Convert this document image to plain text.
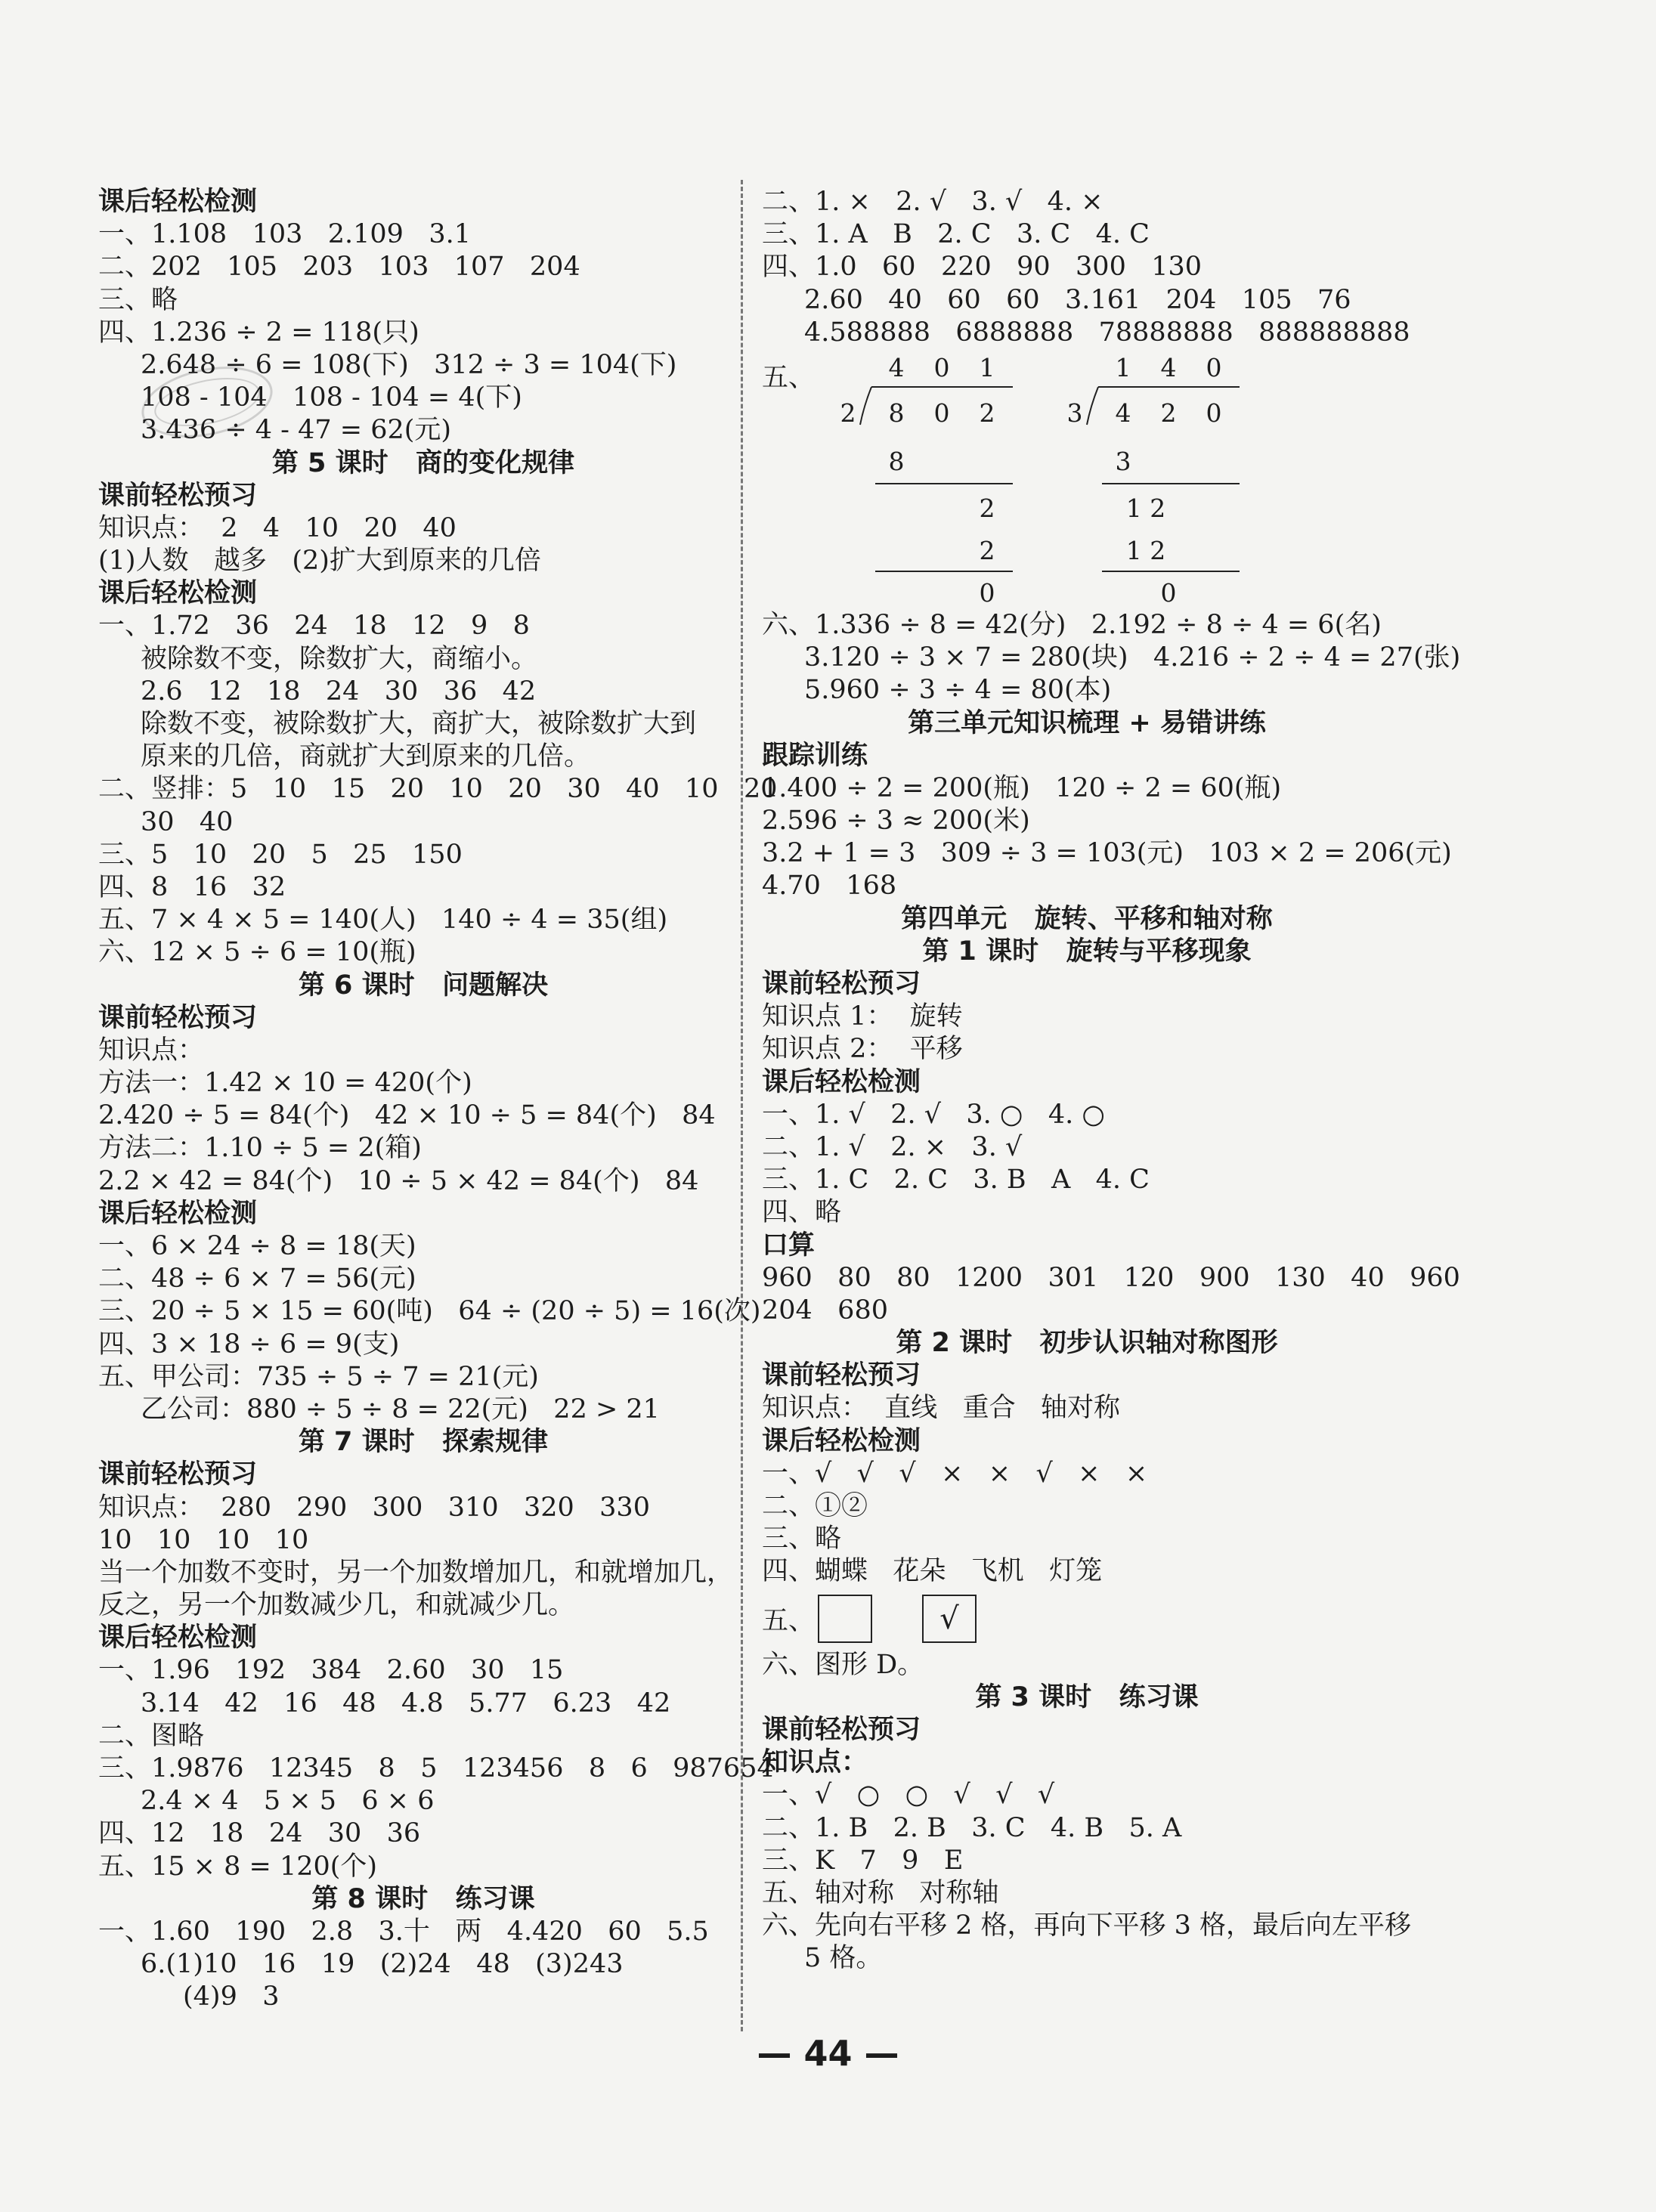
课后轻松检测
一、1.108   103   2.109   3.1
二、202   105   203   103   107   204
三、略
四、1.236 ÷ 2 = 118(只)
2.648 ÷ 6 = 108(下)   312 ÷ 3 = 104(下)
108 - 104   108 - 104 = 4(下)
3.436 ÷ 4 - 47 = 62(元)
第 5 课时   商的变化规律
课前轻松预习
知识点：  2   4   10   20   40
(1)人数   越多   (2)扩大到原来的几倍
课后轻松检测
一、1.72   36   24   18   12   9   8
被除数不变，除数扩大，商缩小。
2.6   12   18   24   30   36   42
除数不变，被除数扩大，商扩大，被除数扩大到
原来的几倍，商就扩大到原来的几倍。
二、竖排：5   10   15   20   10   20   30   40   10   20
30   40
三、5   10   20   5   25   150
四、8   16   32
五、7 × 4 × 5 = 140(人)   140 ÷ 4 = 35(组)
六、12 × 5 ÷ 6 = 10(瓶)
第 6 课时   问题解决
课前轻松预习
知识点：
方法一：1.42 × 10 = 420(个)
2.420 ÷ 5 = 84(个)   42 × 10 ÷ 5 = 84(个)   84
方法二：1.10 ÷ 5 = 2(箱)
2.2 × 42 = 84(个)   10 ÷ 5 × 42 = 84(个)   84
课后轻松检测
一、6 × 24 ÷ 8 = 18(天)
二、48 ÷ 6 × 7 = 56(元)
三、20 ÷ 5 × 15 = 60(吨)   64 ÷ (20 ÷ 5) = 16(次)
四、3 × 18 ÷ 6 = 9(支)
五、甲公司：735 ÷ 5 ÷ 7 = 21(元)
乙公司：880 ÷ 5 ÷ 8 = 22(元)   22 > 21
第 7 课时   探索规律
课前轻松预习
知识点：  280   290   300   310   320   330
10   10   10   10
当一个加数不变时，另一个加数增加几，和就增加几，
反之，另一个加数减少几，和就减少几。
课后轻松检测
一、1.96   192   384   2.60   30   15
3.14   42   16   48   4.8   5.77   6.23   42
二、图略
三、1.9876   12345   8   5   123456   8   6   987654
2.4 × 4   5 × 5   6 × 6
四、12   18   24   30   36
五、15 × 8 = 120(个)
第 8 课时   练习课
一、1.60   190   2.8   3.十   两   4.420   60   5.5
6.(1)10   16   19   (2)24   48   (3)243
(4)9   3
二、1. ×   2. √   3. √   4. ×
三、1. A   B   2. C   3. C   4. C
四、1.0   60   220   90   300   130
2.60   40   60   60   3.161   204   105   76
4.588888   6888888   78888888   888888888
五、	4 0 1
2 8 0 2
8
2
2
0
1 4 0
3 4 2 0
3
1 2
1 2
0
六、1.336 ÷ 8 = 42(分)   2.192 ÷ 8 ÷ 4 = 6(名)
3.120 ÷ 3 × 7 = 280(块)   4.216 ÷ 2 ÷ 4 = 27(张)
5.960 ÷ 3 ÷ 4 = 80(本)
第三单元知识梳理 + 易错讲练
跟踪训练
1.400 ÷ 2 = 200(瓶)   120 ÷ 2 = 60(瓶)
2.596 ÷ 3 ≈ 200(米)
3.2 + 1 = 3   309 ÷ 3 = 103(元)   103 × 2 = 206(元)
4.70   168
第四单元   旋转、平移和轴对称
第 1 课时   旋转与平移现象
课前轻松预习
知识点 1：  旋转
知识点 2：  平移
课后轻松检测
一、1. √   2. √   3. ○   4. ○
二、1. √   2. ×   3. √
三、1. C   2. C   3. B   A   4. C
四、略
口算
960   80   80   1200   301   120   900   130   40   960
204   680
第 2 课时   初步认识轴对称图形
课前轻松预习
知识点：  直线   重合   轴对称
课后轻松检测
一、√   √   √   ×   ×   √   ×   ×
二、①②
三、略
四、蝴蝶   花朵   飞机   灯笼
五、	√
六、图形 D。
第 3 课时   练习课
课前轻松预习
知识点：
一、√   ○   ○   √   √   √
二、1. B   2. B   3. C   4. B   5. A
三、K   7   9   E
五、轴对称   对称轴
六、先向右平移 2 格，再向下平移 3 格，最后向左平移
5 格。
— 44 —
